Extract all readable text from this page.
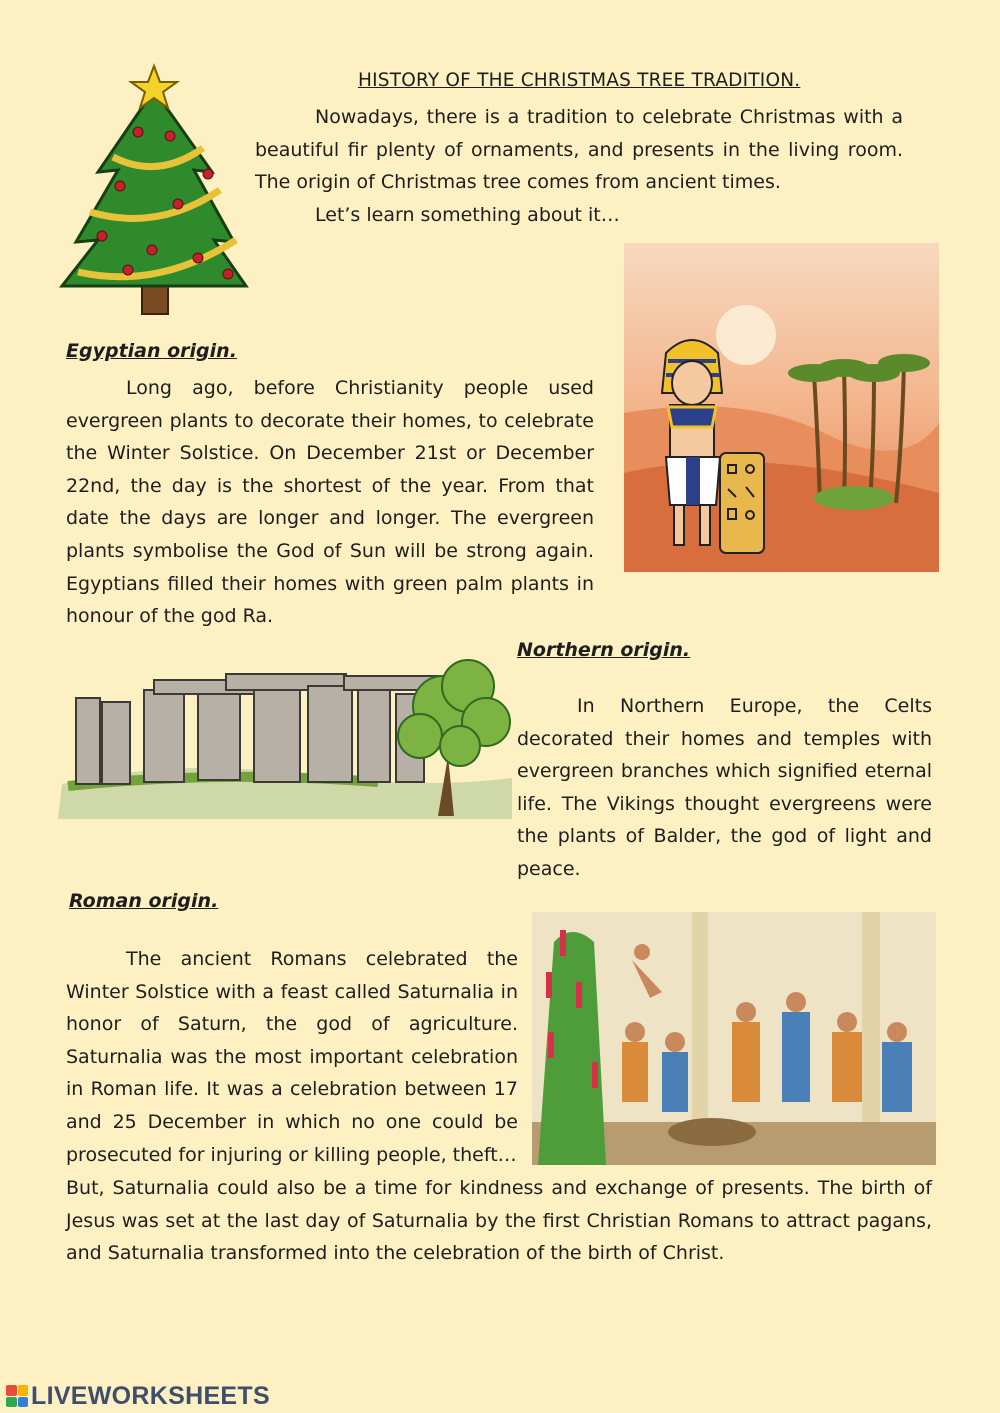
HISTORY OF THE CHRISTMAS TREE TRADITION.
Nowadays, there is a tradition to celebrate Christmas with a beautiful fir plenty of ornaments, and presents in the living room. The origin of Christmas tree comes from ancient times.
Let’s learn something about it…
Egyptian origin.
Long ago, before Christianity people used evergreen plants to decorate their homes, to celebrate the Winter Solstice. On December 21st or December 22nd, the day is the shortest of the year. From that date the days are longer and longer. The evergreen plants symbolise the God of Sun will be strong again. Egyptians filled their homes with green palm plants in honour of the god Ra.
Northern origin.
In Northern Europe, the Celts decorated their homes and temples with evergreen branches which signified eternal life. The Vikings thought evergreens were the plants of Balder, the god of light and peace.
Roman origin.
The ancient Romans celebrated the Winter Solstice with a feast called Saturnalia in honor of Saturn, the god of agriculture. Saturnalia was the most important celebration in Roman life. It was a celebration between 17 and 25 December in which no one could be prosecuted for injuring or killing people, theft…
But, Saturnalia could also be a time for kindness and exchange of presents. The birth of Jesus was set at the last day of Saturnalia by the first Christian Romans to attract pagans, and Saturnalia transformed into the celebration of the birth of Christ.
LIVEWORKSHEETS
